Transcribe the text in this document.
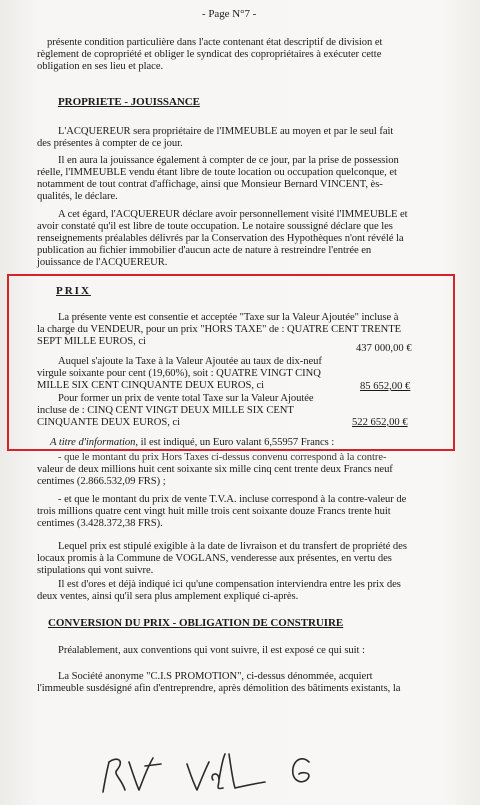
- Page N°7 -
présente condition particulière dans l'acte contenant état descriptif de division et
règlement de copropriété et obliger le syndicat des copropriétaires à exécuter cette
obligation en ses lieu et place.
PROPRIETE - JOUISSANCE
L'ACQUEREUR sera propriétaire de l'IMMEUBLE au moyen et par le seul fait
des présentes à compter de ce jour.
Il en aura la jouissance également à compter de ce jour, par la prise de possession
réelle, l'IMMEUBLE vendu étant libre de toute location ou occupation quelconque, et
notamment de tout contrat d'affichage, ainsi que Monsieur Bernard VINCENT, ès-
qualités, le déclare.
A cet égard, l'ACQUEREUR déclare avoir personnellement visité l'IMMEUBLE et
avoir constaté qu'il est libre de toute occupation. Le notaire soussigné déclare que les
renseignements préalables délivrés par la Conservation des Hypothèques n'ont révélé la
publication au fichier immobilier d'aucun acte de nature à restreindre l'entrée en
jouissance de l'ACQUEREUR.
PRIX
La présente vente est consentie et acceptée "Taxe sur la Valeur Ajoutée" incluse à
la charge du VENDEUR, pour un prix "HORS TAXE" de : QUATRE CENT TRENTE
SEPT MILLE EUROS, ci
437 000,00 €
Auquel s'ajoute la Taxe à la Valeur Ajoutée au taux de dix-neuf
virgule soixante pour cent (19,60%), soit : QUATRE VINGT CINQ
MILLE SIX CENT CINQUANTE DEUX EUROS, ci	85 652,00 €
Pour former un prix de vente total Taxe sur la Valeur Ajoutée
incluse de : CINQ CENT VINGT DEUX MILLE SIX CENT
CINQUANTE DEUX EUROS, ci	522 652,00 €
A titre d'information, il est indiqué, un Euro valant 6,55957 Francs :
- que le montant du prix Hors Taxes ci-dessus convenu correspond à la contre-
valeur de deux millions huit cent soixante six mille cinq cent trente deux Francs neuf
centimes (2.866.532,09 FRS) ;
- et que le montant du prix de vente T.V.A. incluse correspond à la contre-valeur de
trois millions quatre cent vingt huit mille trois cent soixante douze Francs trente huit
centimes (3.428.372,38 FRS).
Lequel prix est stipulé exigible à la date de livraison et du transfert de propriété des
locaux promis à la Commune de VOGLANS, venderesse aux présentes, en vertu des
stipulations qui vont suivre.
Il est d'ores et déjà indiqué ici qu'une compensation interviendra entre les prix des
deux ventes, ainsi qu'il sera plus amplement expliqué ci-après.
CONVERSION DU PRIX - OBLIGATION DE CONSTRUIRE
Préalablement, aux conventions qui vont suivre, il est exposé ce qui suit :
La Société anonyme "C.I.S PROMOTION", ci-dessus dénommée, acquiert
l'immeuble susdésigné afin d'entreprendre, après démolition des bâtiments existants, la
